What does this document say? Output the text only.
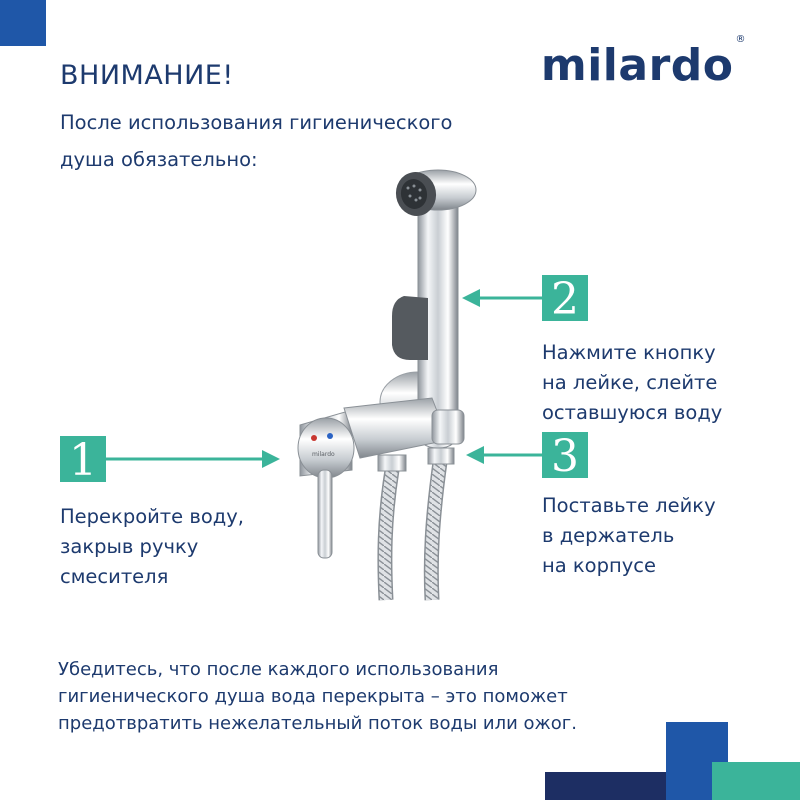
milardo®
ВНИМАНИЕ!
После использования гигиенического
душа обязательно:
milardo
1
Перекройте воду,
закрыв ручку
смесителя
2
Нажмите кнопку
на лейке, слейте
оставшуюся воду
3
Поставьте лейку
в держатель
на корпусе
Убедитесь, что после каждого использования
гигиенического душа вода перекрыта – это поможет
предотвратить нежелательный поток воды или ожог.
